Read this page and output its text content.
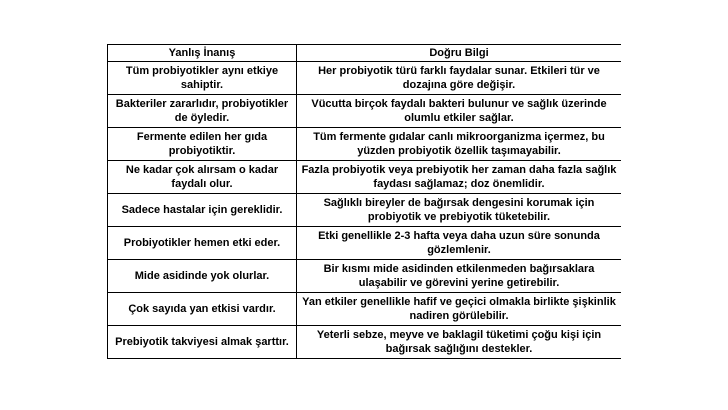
Yanlış İnanış	Doğru Bilgi
Tüm probiyotikler aynı etkiye sahiptir.	Her probiyotik türü farklı faydalar sunar. Etkileri tür ve dozajına göre değişir.
Bakteriler zararlıdır, probiyotikler de öyledir.	Vücutta birçok faydalı bakteri bulunur ve sağlık üzerinde olumlu etkiler sağlar.
Fermente edilen her gıda probiyotiktir.	Tüm fermente gıdalar canlı mikroorganizma içermez, bu yüzden probiyotik özellik taşımayabilir.
Ne kadar çok alırsam o kadar faydalı olur.	Fazla probiyotik veya prebiyotik her zaman daha fazla sağlık faydası sağlamaz; doz önemlidir.
Sadece hastalar için gereklidir.	Sağlıklı bireyler de bağırsak dengesini korumak için probiyotik ve prebiyotik tüketebilir.
Probiyotikler hemen etki eder.	Etki genellikle 2-3 hafta veya daha uzun süre sonunda gözlemlenir.
Mide asidinde yok olurlar.	Bir kısmı mide asidinden etkilenmeden bağırsaklara ulaşabilir ve görevini yerine getirebilir.
Çok sayıda yan etkisi vardır.	Yan etkiler genellikle hafif ve geçici olmakla birlikte şişkinlik nadiren görülebilir.
Prebiyotik takviyesi almak şarttır.	Yeterli sebze, meyve ve baklagil tüketimi çoğu kişi için bağırsak sağlığını destekler.
